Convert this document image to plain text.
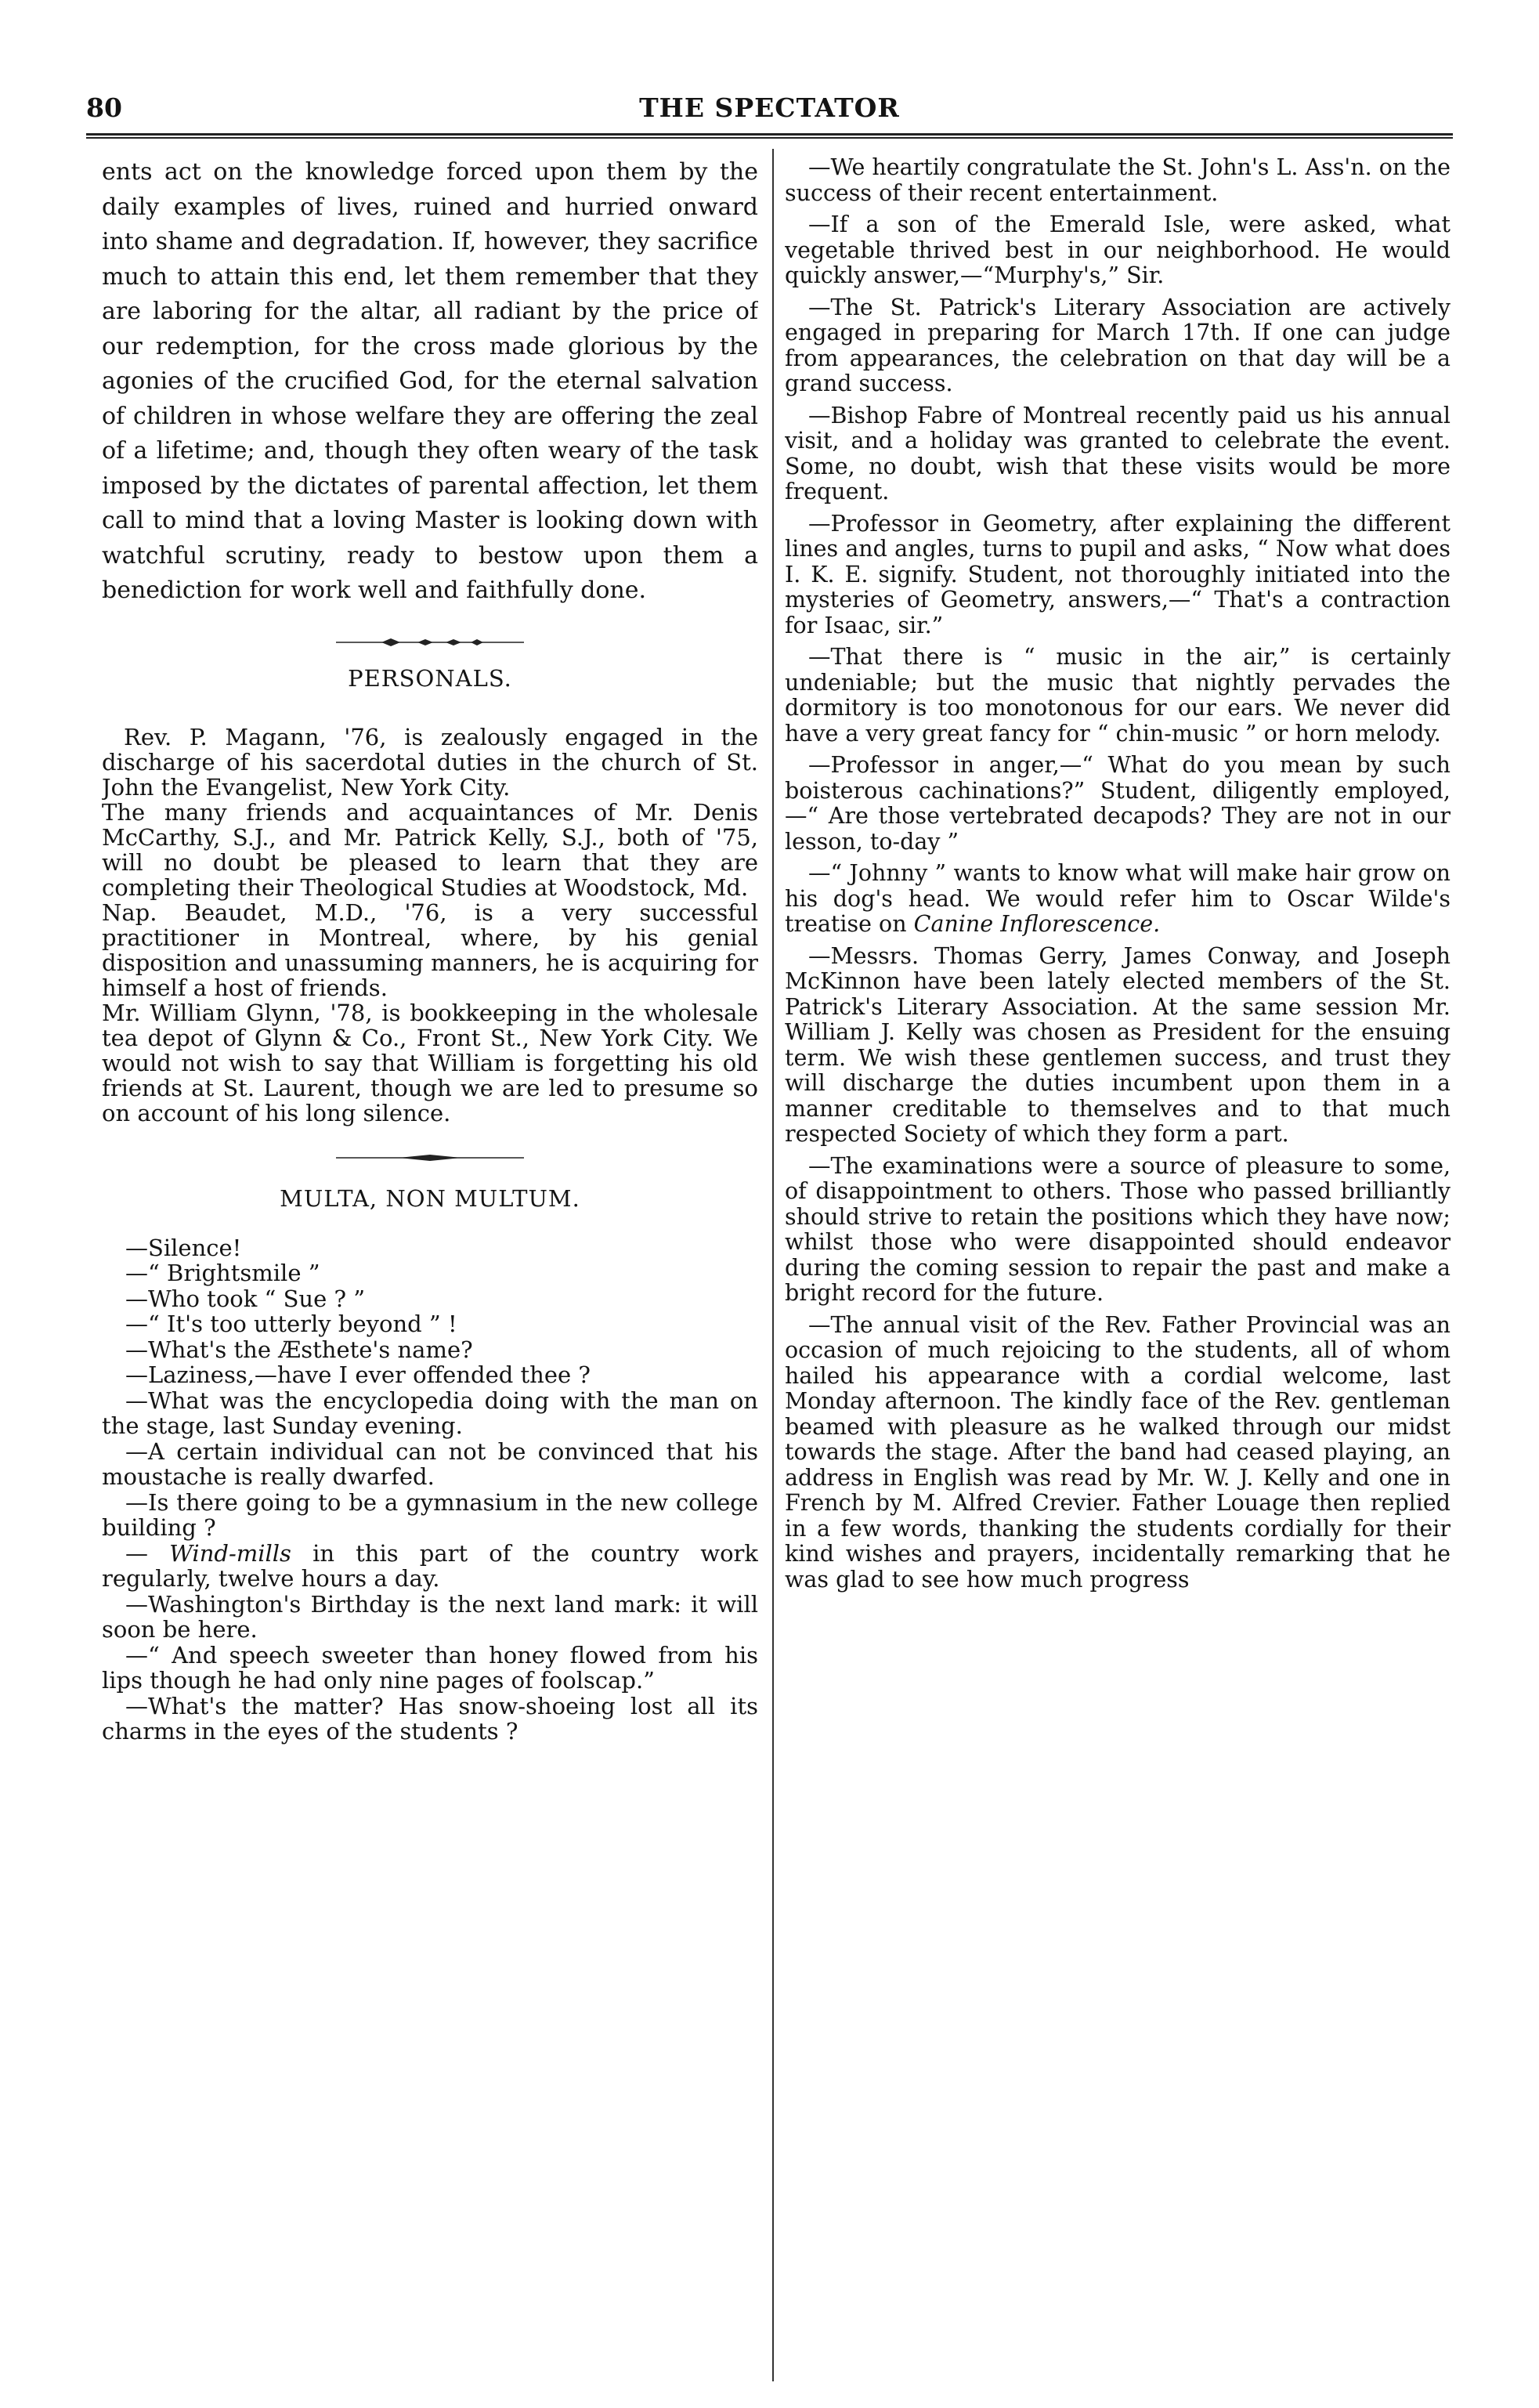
80	THE SPECTATOR

ents act on the knowledge forced upon them by the daily examples of lives, ruined and hurried onward into shame and degradation. If, however, they sacrifice much to attain this end, let them remember that they are laboring for the altar, all radiant by the price of our redemption, for the cross made glorious by the agonies of the crucified God, for the eternal salvation of children in whose welfare they are offering the zeal of a lifetime; and, though they often weary of the task imposed by the dictates of parental affection, let them call to mind that a loving Master is looking down with watchful scrutiny, ready to bestow upon them a benediction for work well and faithfully done.

PERSONALS.

Rev. P. Magann, '76, is zealously engaged in the discharge of his sacerdotal duties in the church of St. John the Evangelist, New York City.

The many friends and acquaintances of Mr. Denis McCarthy, S.J., and Mr. Patrick Kelly, S.J., both of '75, will no doubt be pleased to learn that they are completing their Theological Studies at Woodstock, Md.

Nap. Beaudet, M.D., '76, is a very successful practitioner in Montreal, where, by his genial disposition and unassuming manners, he is acquiring for himself a host of friends.

Mr. William Glynn, '78, is bookkeeping in the wholesale tea depot of Glynn & Co., Front St., New York City. We would not wish to say that William is forgetting his old friends at St. Laurent, though we are led to presume so on account of his long silence.

MULTA, NON MULTUM.

—Silence!

—“ Brightsmile ”

—Who took “ Sue ? ”

—“ It's too utterly beyond ” !

—What's the Æsthete's name?

—Laziness,—have I ever offended thee ?

—What was the encyclopedia doing with the man on the stage, last Sunday evening.

—A certain individual can not be convinced that his moustache is really dwarfed.

—Is there going to be a gymnasium in the new college building ?

— Wind-mills in this part of the country work regularly, twelve hours a day.

—Washington's Birthday is the next land mark: it will soon be here.

—“ And speech sweeter than honey flowed from his lips though he had only nine pages of foolscap.”

—What's the matter? Has snow-shoeing lost all its charms in the eyes of the students ?

—We heartily congratulate the St. John's L. Ass'n. on the success of their recent entertainment.

—If a son of the Emerald Isle, were asked, what vegetable thrived best in our neighborhood. He would quickly answer,—“Murphy's,” Sir.

—The St. Patrick's Literary Association are actively engaged in preparing for March 17th. If one can judge from appearances, the celebration on that day will be a grand success.

—Bishop Fabre of Montreal recently paid us his annual visit, and a holiday was granted to celebrate the event. Some, no doubt, wish that these visits would be more frequent.

—Professor in Geometry, after explaining the different lines and angles, turns to pupil and asks, “ Now what does I. K. E. signify. Student, not thoroughly initiated into the mysteries of Geometry, answers,—“ That's a contraction for Isaac, sir.”

—That there is “ music in the air,” is certainly undeniable; but the music that nightly pervades the dormitory is too monotonous for our ears. We never did have a very great fancy for “ chin-music ” or horn melody.

—Professor in anger,—“ What do you mean by such boisterous cachinations?” Student, diligently employed,—“ Are those vertebrated decapods? They are not in our lesson, to-day ”

—“ Johnny ” wants to know what will make hair grow on his dog's head. We would refer him to Oscar Wilde's treatise on Canine Inflorescence.

—Messrs. Thomas Gerry, James Conway, and Joseph McKinnon have been lately elected members of the St. Patrick's Literary Association. At the same session Mr. William J. Kelly was chosen as President for the ensuing term. We wish these gentlemen success, and trust they will discharge the duties incumbent upon them in a manner creditable to themselves and to that much respected Society of which they form a part.

—The examinations were a source of pleasure to some, of disappointment to others. Those who passed brilliantly should strive to retain the positions which they have now; whilst those who were disappointed should endeavor during the coming session to repair the past and make a bright record for the future.

—The annual visit of the Rev. Father Provincial was an occasion of much rejoicing to the students, all of whom hailed his appearance with a cordial welcome, last Monday afternoon. The kindly face of the Rev. gentleman beamed with pleasure as he walked through our midst towards the stage. After the band had ceased playing, an address in English was read by Mr. W. J. Kelly and one in French by M. Alfred Crevier. Father Louage then replied in a few words, thanking the students cordially for their kind wishes and prayers, incidentally remarking that he was glad to see how much progress
